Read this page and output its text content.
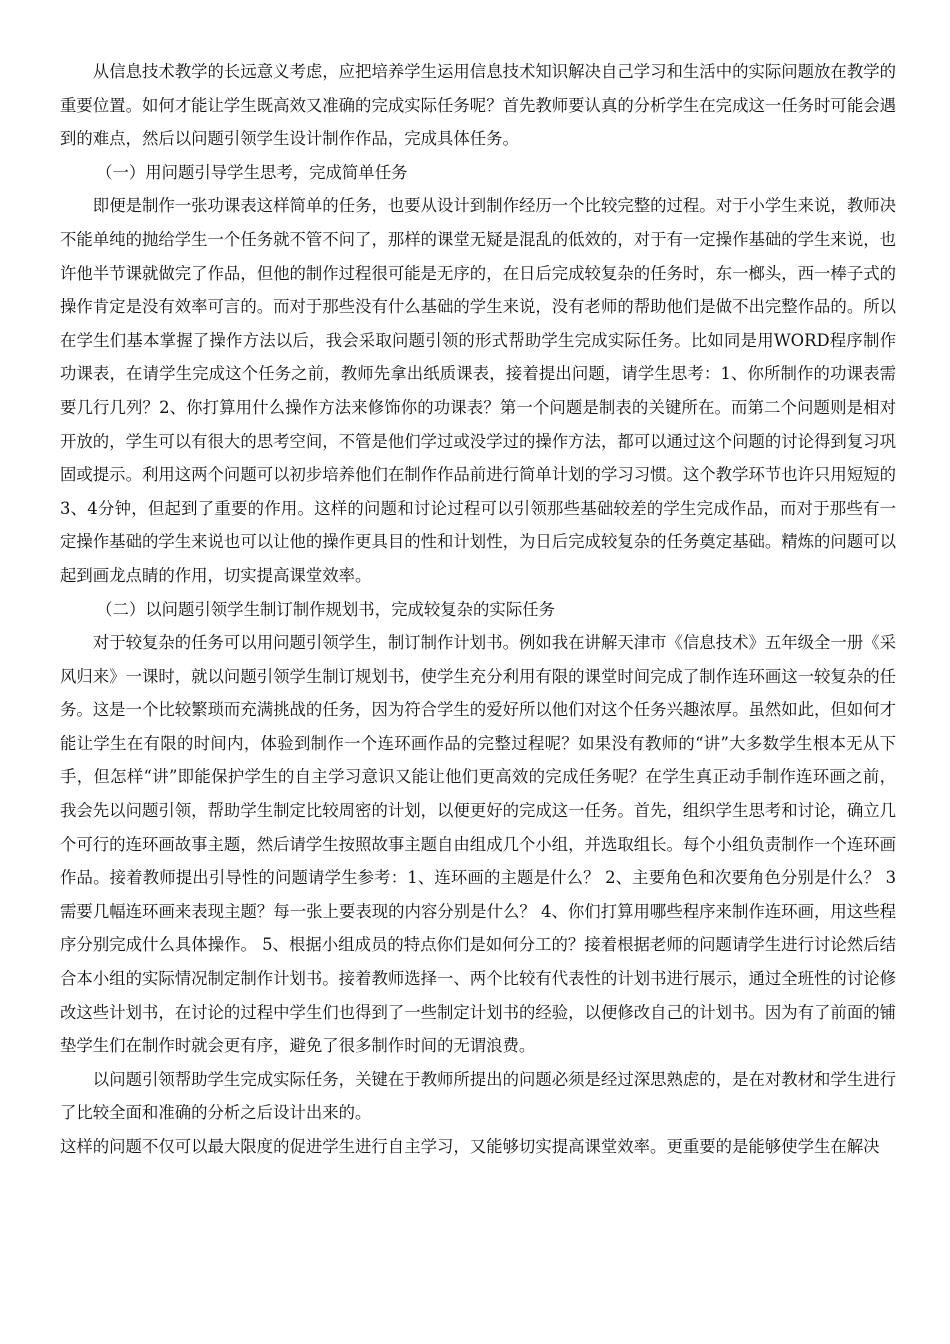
从信息技术教学的长远意义考虑，应把培养学生运用信息技术知识解决自己学习和生活中的实际问题放在教学的重要位置。如何才能让学生既高效又准确的完成实际任务呢？首先教师要认真的分析学生在完成这一任务时可能会遇到的难点，然后以问题引领学生设计制作作品，完成具体任务。

（一）用问题引导学生思考，完成简单任务

即便是制作一张功课表这样简单的任务，也要从设计到制作经历一个比较完整的过程。对于小学生来说，教师决不能单纯的抛给学生一个任务就不管不问了，那样的课堂无疑是混乱的低效的，对于有一定操作基础的学生来说，也许他半节课就做完了作品，但他的制作过程很可能是无序的，在日后完成较复杂的任务时，东一榔头，西一棒子式的操作肯定是没有效率可言的。而对于那些没有什么基础的学生来说，没有老师的帮助他们是做不出完整作品的。所以在学生们基本掌握了操作方法以后，我会采取问题引领的形式帮助学生完成实际任务。比如同是用WORD程序制作功课表，在请学生完成这个任务之前，教师先拿出纸质课表，接着提出问题，请学生思考：1、你所制作的功课表需要几行几列？2、你打算用什么操作方法来修饰你的功课表？第一个问题是制表的关键所在。而第二个问题则是相对开放的，学生可以有很大的思考空间，不管是他们学过或没学过的操作方法，都可以通过这个问题的讨论得到复习巩固或提示。利用这两个问题可以初步培养他们在制作作品前进行简单计划的学习习惯。这个教学环节也许只用短短的3、4分钟，但起到了重要的作用。这样的问题和讨论过程可以引领那些基础较差的学生完成作品，而对于那些有一定操作基础的学生来说也可以让他的操作更具目的性和计划性，为日后完成较复杂的任务奠定基础。精炼的问题可以起到画龙点睛的作用，切实提高课堂效率。

（二）以问题引领学生制订制作规划书，完成较复杂的实际任务

对于较复杂的任务可以用问题引领学生，制订制作计划书。例如我在讲解天津市《信息技术》五年级全一册《采风归来》一课时，就以问题引领学生制订规划书，使学生充分利用有限的课堂时间完成了制作连环画这一较复杂的任务。这是一个比较繁琐而充满挑战的任务，因为符合学生的爱好所以他们对这个任务兴趣浓厚。虽然如此，但如何才能让学生在有限的时间内，体验到制作一个连环画作品的完整过程呢？如果没有教师的“讲”大多数学生根本无从下手，但怎样“讲”即能保护学生的自主学习意识又能让他们更高效的完成任务呢？在学生真正动手制作连环画之前，我会先以问题引领，帮助学生制定比较周密的计划，以便更好的完成这一任务。首先，组织学生思考和讨论，确立几个可行的连环画故事主题，然后请学生按照故事主题自由组成几个小组，并选取组长。每个小组负责制作一个连环画作品。接着教师提出引导性的问题请学生参考：1、连环画的主题是什么？ 2、主要角色和次要角色分别是什么？ 3需要几幅连环画来表现主题？每一张上要表现的内容分别是什么？ 4、你们打算用哪些程序来制作连环画，用这些程序分别完成什么具体操作。 5、根据小组成员的特点你们是如何分工的？接着根据老师的问题请学生进行讨论然后结合本小组的实际情况制定制作计划书。接着教师选择一、两个比较有代表性的计划书进行展示，通过全班性的讨论修改这些计划书，在讨论的过程中学生们也得到了一些制定计划书的经验，以便修改自己的计划书。因为有了前面的铺垫学生们在制作时就会更有序，避免了很多制作时间的无谓浪费。

以问题引领帮助学生完成实际任务，关键在于教师所提出的问题必须是经过深思熟虑的，是在对教材和学生进行了比较全面和准确的分析之后设计出来的。

这样的问题不仅可以最大限度的促进学生进行自主学习，又能够切实提高课堂效率。更重要的是能够使学生在解决
